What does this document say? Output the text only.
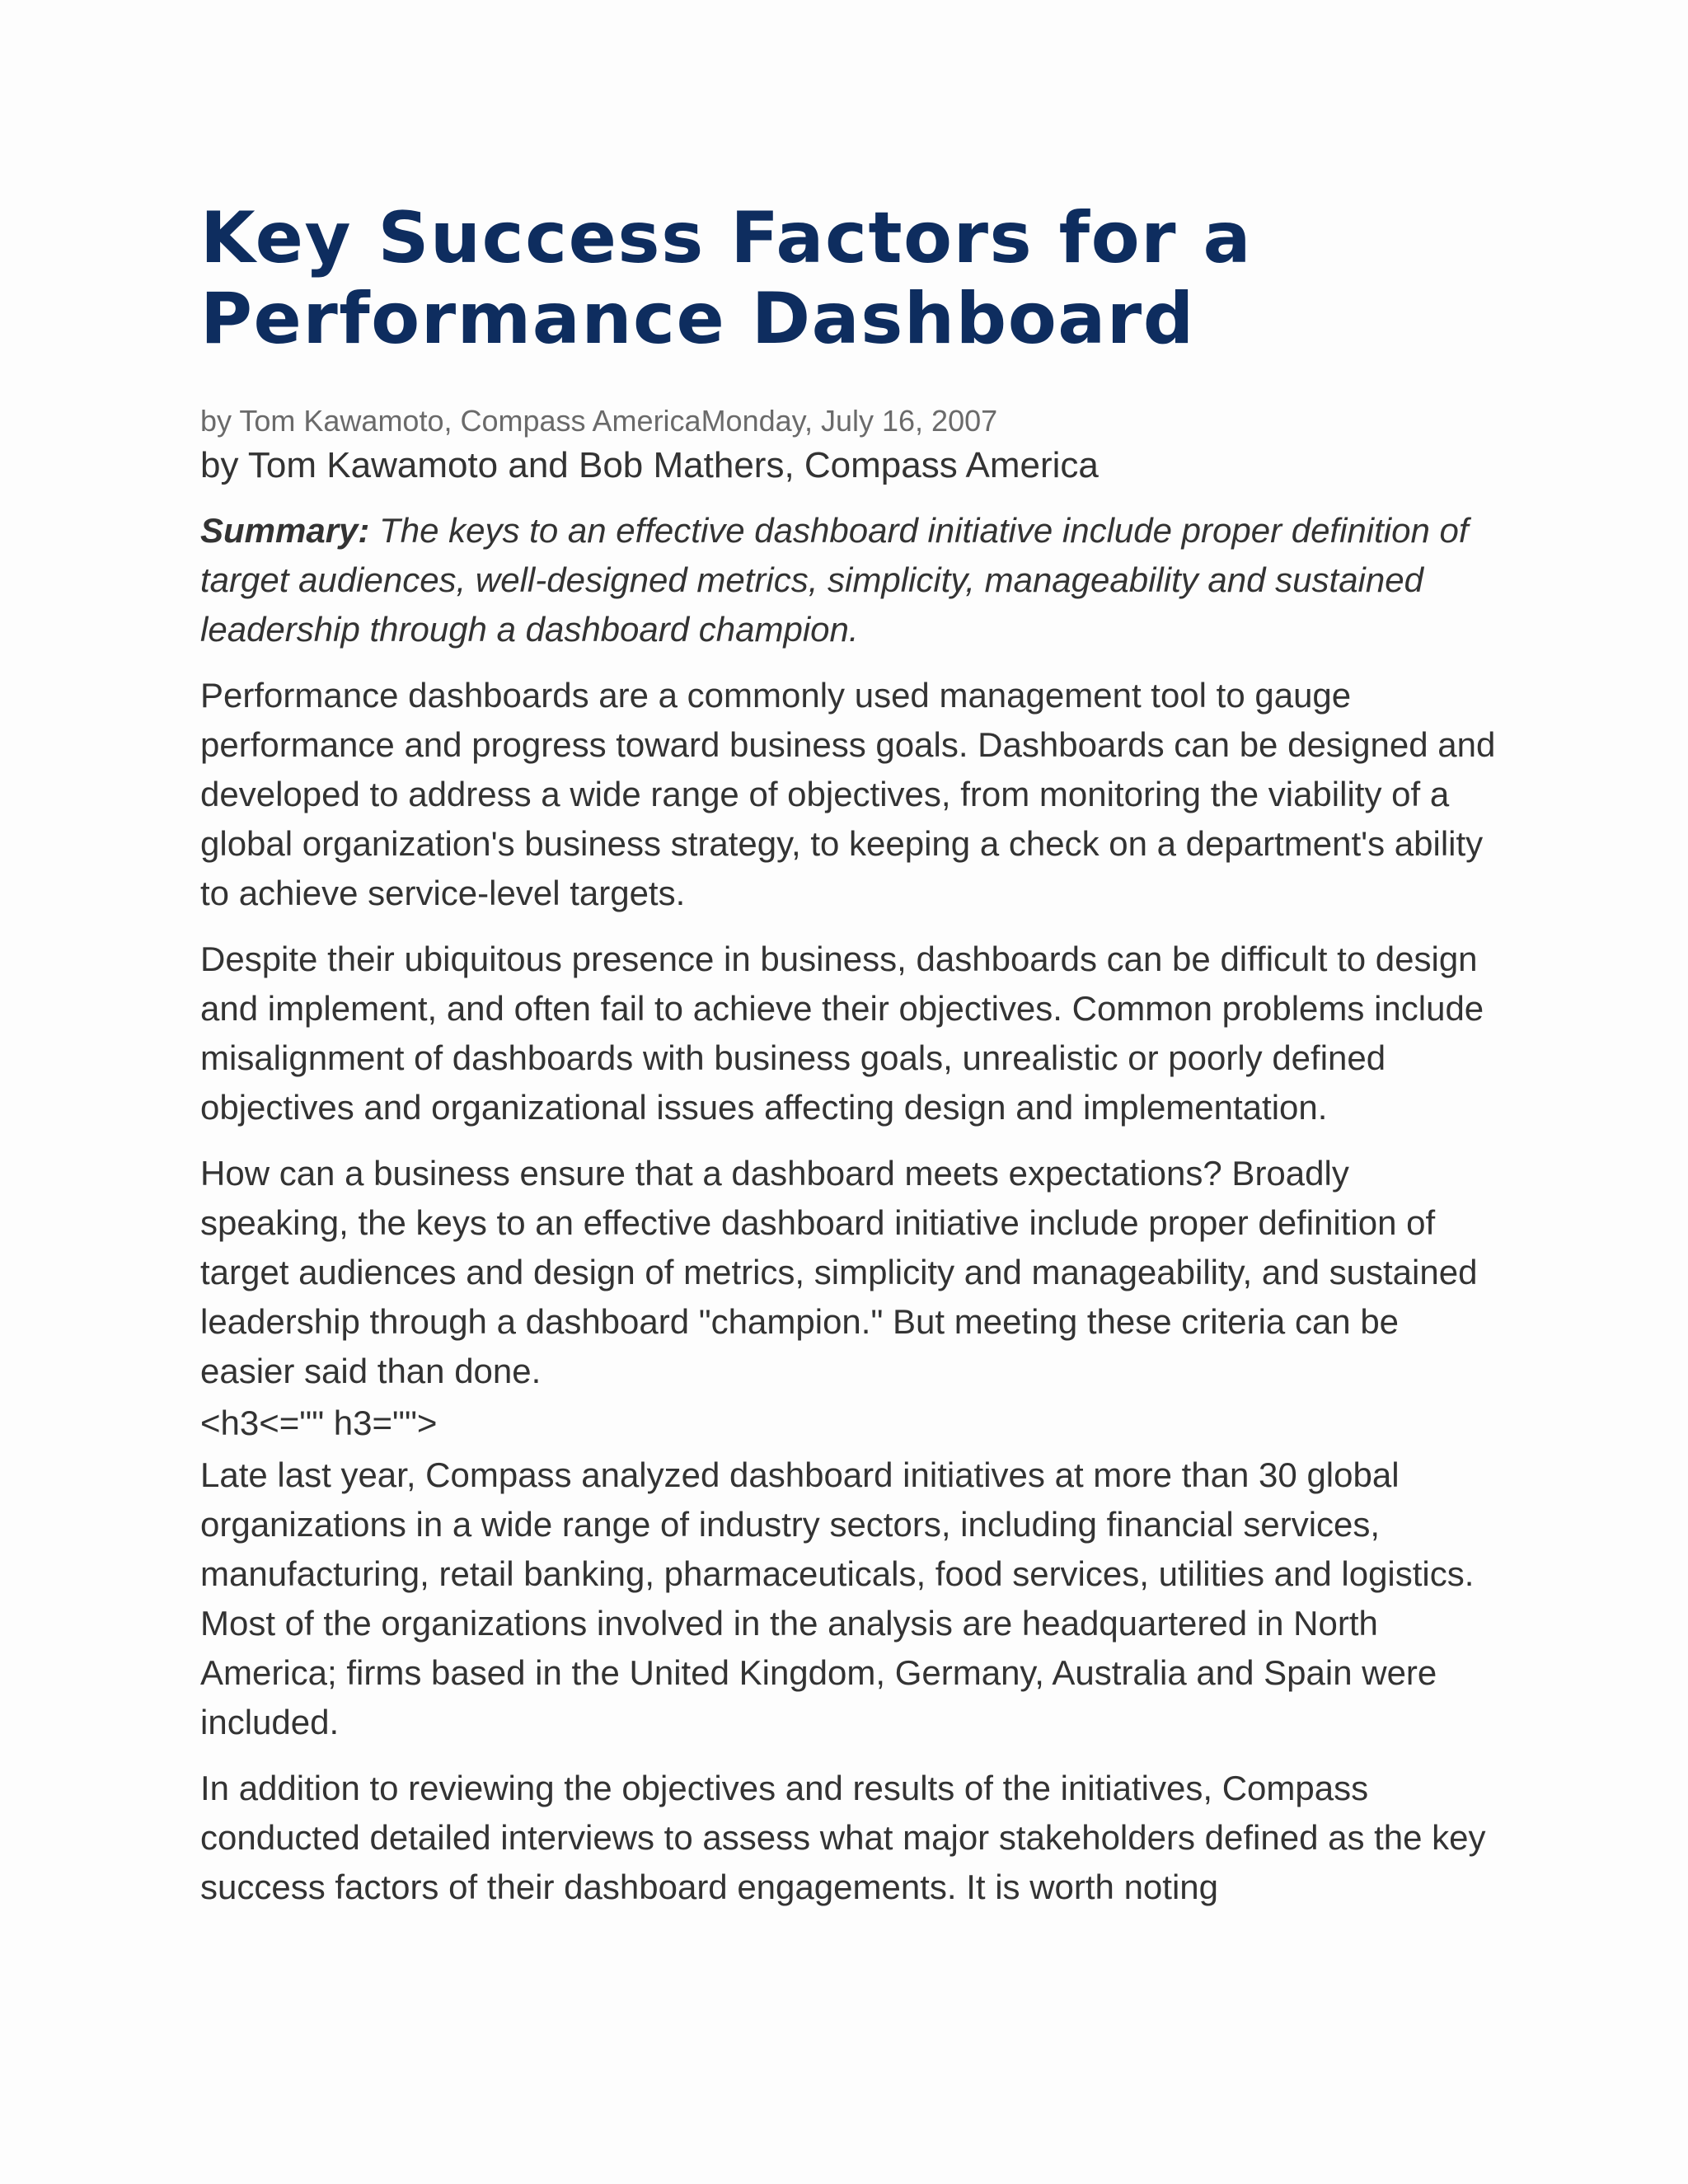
Key Success Factors for a
Performance Dashboard
by Tom Kawamoto, Compass AmericaMonday, July 16, 2007
by Tom Kawamoto and Bob Mathers, Compass America
Summary: The keys to an effective dashboard initiative include proper definition of target audiences, well-designed metrics, simplicity, manageability and sustained leadership through a dashboard champion.

Performance dashboards are a commonly used management tool to gauge performance and progress toward business goals. Dashboards can be designed and developed to address a wide range of objectives, from monitoring the viability of a global organization's business strategy, to keeping a check on a department's ability to achieve service-level targets.

Despite their ubiquitous presence in business, dashboards can be difficult to design and implement, and often fail to achieve their objectives. Common problems include misalignment of dashboards with business goals, unrealistic or poorly defined objectives and organizational issues affecting design and implementation.

How can a business ensure that a dashboard meets expectations? Broadly speaking, the keys to an effective dashboard initiative include proper definition of target audiences and design of metrics, simplicity and manageability, and sustained leadership through a dashboard "champion." But meeting these criteria can be easier said than done.

<h3<="" h3="">

Late last year, Compass analyzed dashboard initiatives at more than 30 global organizations in a wide range of industry sectors, including financial services, manufacturing, retail banking, pharmaceuticals, food services, utilities and logistics. Most of the organizations involved in the analysis are headquartered in North America; firms based in the United Kingdom, Germany, Australia and Spain were included.

In addition to reviewing the objectives and results of the initiatives, Compass conducted detailed interviews to assess what major stakeholders defined as the key success factors of their dashboard engagements. It is worth noting
